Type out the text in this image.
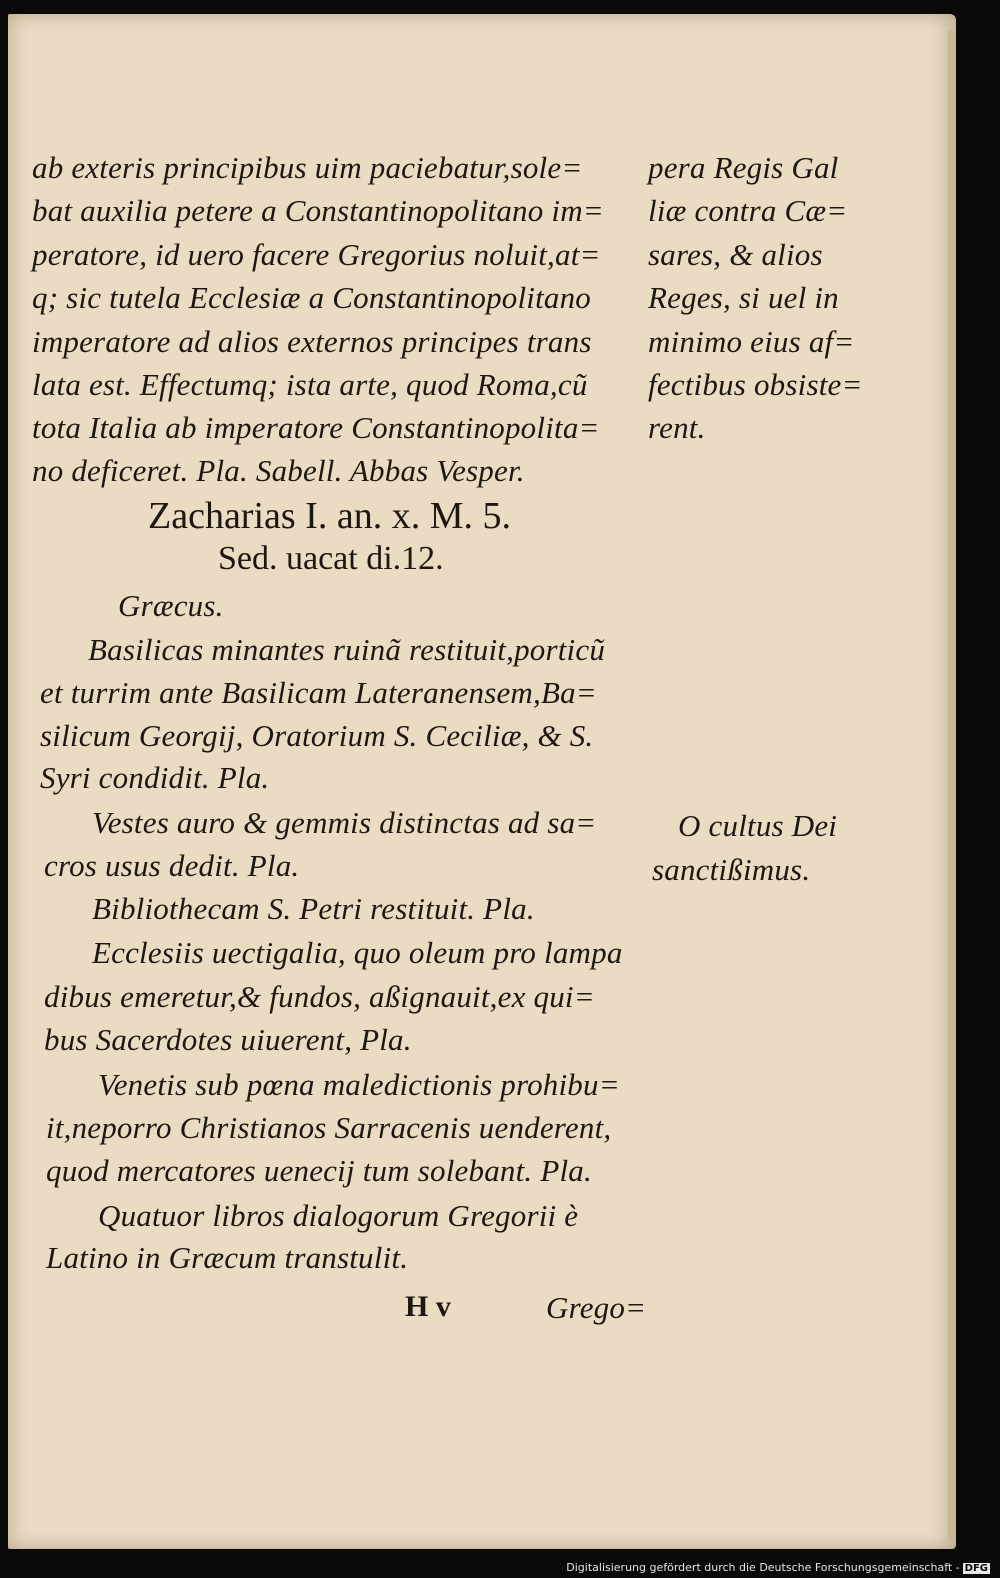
ab exteris principibus uim paciebatur,sole=
bat auxilia petere a Constantinopolitano im=
peratore, id uero facere Gregorius noluit,at=
q; sic tutela Ecclesiæ a Constantinopolitano
imperatore ad alios externos principes trans
lata est. Effectumq; ista arte, quod Roma,cũ
tota Italia ab imperatore Constantinopolita=
no deficeret. Pla. Sabell. Abbas Vesper.
Zacharias I. an. x. M. 5.
Sed. uacat di.12.
Græcus.
Basilicas minantes ruinã restituit,porticũ
et turrim ante Basilicam Lateranensem,Ba=
silicum Georgij, Oratorium S. Ceciliæ, & S.
Syri condidit. Pla.
Vestes auro & gemmis distinctas ad sa=
cros usus dedit. Pla.
Bibliothecam S. Petri restituit. Pla.
Ecclesiis uectigalia, quo oleum pro lampa
dibus emeretur,& fundos, aßignauit,ex qui=
bus Sacerdotes uiuerent, Pla.
Venetis sub pœna maledictionis prohibu=
it,neporro Christianos Sarracenis uenderent,
quod mercatores uenecij tum solebant. Pla.
Quatuor libros dialogorum Gregorii è
Latino in Græcum transtulit.
H v	Grego=
pera Regis Gal
liæ contra Cæ=
sares, & alios
Reges, si uel in
minimo eius af=
fectibus obsiste=
rent.
O cultus Dei
sanctißimus.
Digitalisierung gefördert durch die Deutsche Forschungsgemeinschaft - DFG
